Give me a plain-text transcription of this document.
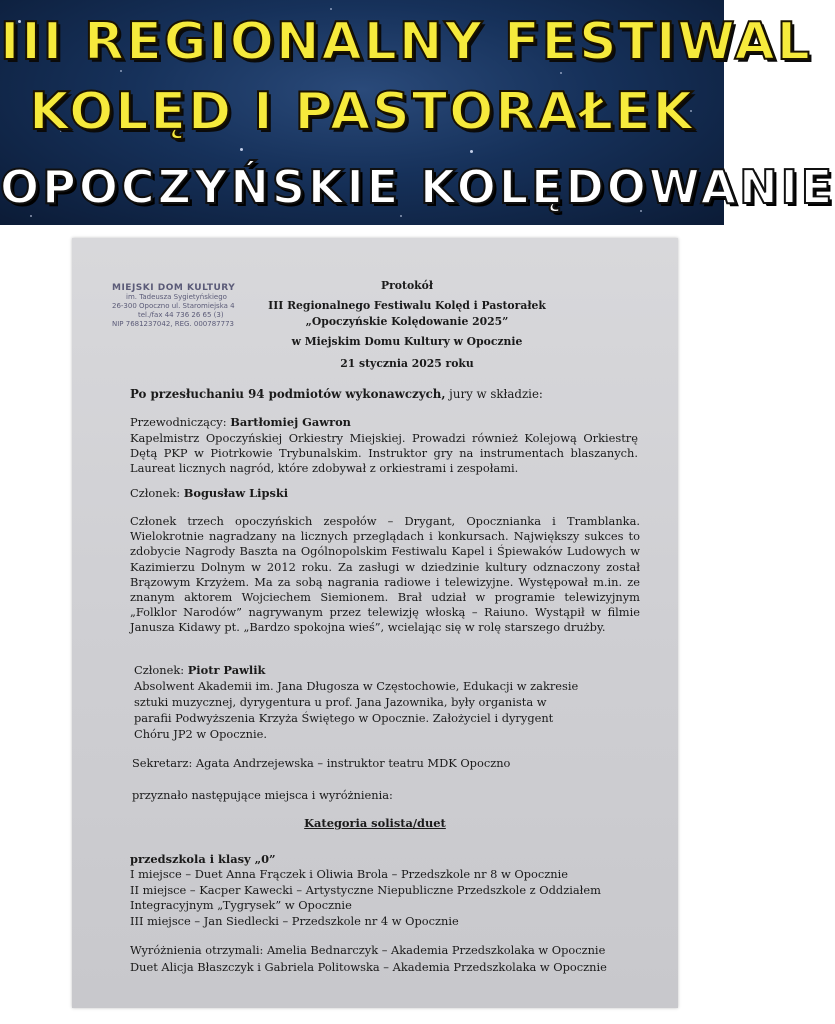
III REGIONALNY FESTIWAL
KOLĘD I PASTORAŁEK
OPOCZYŃSKIE KOLĘDOWANIE
MIEJSKI DOM KULTURY
im. Tadeusza Sygietyńskiego
26-300 Opoczno ul. Staromiejska 4
tel./fax 44 736 26 65 (3)
NIP 7681237042, REG. 000787773
Protokół
III Regionalnego Festiwalu Kolęd i Pastorałek
„Opoczyńskie Kolędowanie 2025”
w Miejskim Domu Kultury w Opocznie
21 stycznia 2025 roku
Po przesłuchaniu 94 podmiotów wykonawczych, jury w składzie:
Przewodniczący: Bartłomiej Gawron
Kapelmistrz Opoczyńskiej Orkiestry Miejskiej. Prowadzi również Kolejową Orkiestrę Dętą PKP w Piotrkowie Trybunalskim. Instruktor gry na instrumentach blaszanych. Laureat licznych nagród, które zdobywał z orkiestrami i zespołami.
Członek: Bogusław Lipski
Członek trzech opoczyńskich zespołów – Drygant, Opocznianka i Tramblanka. Wielokrotnie nagradzany na licznych przeglądach i konkursach. Największy sukces to zdobycie Nagrody Baszta na Ogólnopolskim Festiwalu Kapel i Śpiewaków Ludowych w Kazimierzu Dolnym w 2012 roku. Za zasługi w dziedzinie kultury odznaczony został Brązowym Krzyżem. Ma za sobą nagrania radiowe i telewizyjne. Występował m.in. ze znanym aktorem Wojciechem Siemionem. Brał udział w programie telewizyjnym „Folklor Narodów” nagrywanym przez telewizję włoską – Raiuno. Wystąpił w filmie Janusza Kidawy pt. „Bardzo spokojna wieś”, wcielając się w rolę starszego drużby.
Członek: Piotr Pawlik
Absolwent Akademii im. Jana Długosza w Częstochowie, Edukacji w zakresie
sztuki muzycznej, dyrygentura u prof. Jana Jazownika, były organista w
parafii Podwyższenia Krzyża Świętego w Opocznie. Założyciel i dyrygent
Chóru JP2 w Opocznie.
Sekretarz: Agata Andrzejewska – instruktor teatru MDK Opoczno
przyznało następujące miejsca i wyróżnienia:
Kategoria solista/duet
przedszkola i klasy „0”
I miejsce – Duet Anna Frączek i Oliwia Brola – Przedszkole nr 8 w Opocznie
II miejsce – Kacper Kawecki – Artystyczne Niepubliczne Przedszkole z Oddziałem
Integracyjnym „Tygrysek” w Opocznie
III miejsce – Jan Siedlecki – Przedszkole nr 4 w Opocznie
Wyróżnienia otrzymali: Amelia Bednarczyk – Akademia Przedszkolaka w Opocznie
Duet Alicja Błaszczyk i Gabriela Politowska – Akademia Przedszkolaka w Opocznie
